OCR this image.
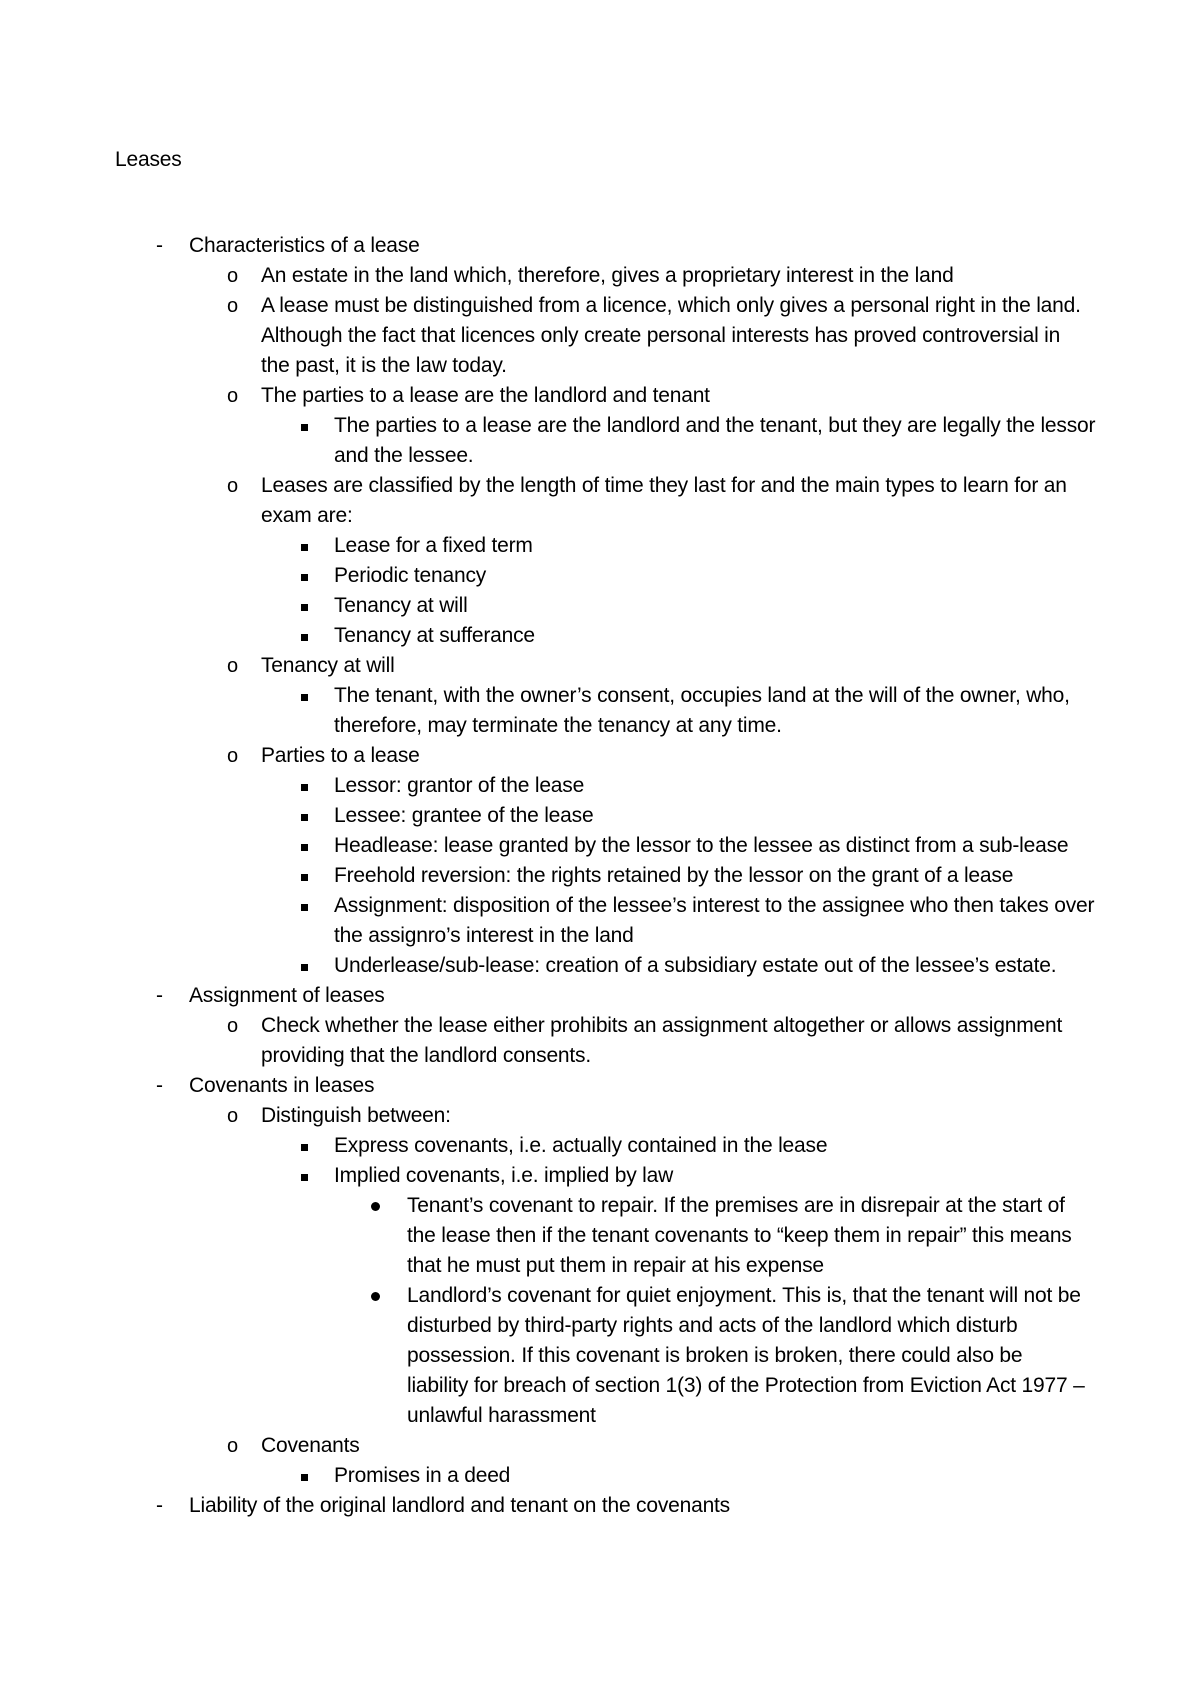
Leases
- Characteristics of a lease
o An estate in the land which, therefore, gives a proprietary interest in the land
o A lease must be distinguished from a licence, which only gives a personal right in the land. Although the fact that licences only create personal interests has proved controversial in the past, it is the law today.
o The parties to a lease are the landlord and tenant
The parties to a lease are the landlord and the tenant, but they are legally the lessor and the lessee.
o Leases are classified by the length of time they last for and the main types to learn for an exam are:
Lease for a fixed term
Periodic tenancy
Tenancy at will
Tenancy at sufferance
o Tenancy at will
The tenant, with the owner’s consent, occupies land at the will of the owner, who, therefore, may terminate the tenancy at any time.
o Parties to a lease
Lessor: grantor of the lease
Lessee: grantee of the lease
Headlease: lease granted by the lessor to the lessee as distinct from a sub-lease
Freehold reversion: the rights retained by the lessor on the grant of a lease
Assignment: disposition of the lessee’s interest to the assignee who then takes over the assignro’s interest in the land
Underlease/sub-lease: creation of a subsidiary estate out of the lessee’s estate.
- Assignment of leases
o Check whether the lease either prohibits an assignment altogether or allows assignment providing that the landlord consents.
- Covenants in leases
o Distinguish between:
Express covenants, i.e. actually contained in the lease
Implied covenants, i.e. implied by law
Tenant’s covenant to repair. If the premises are in disrepair at the start of the lease then if the tenant covenants to “keep them in repair” this means that he must put them in repair at his expense
Landlord’s covenant for quiet enjoyment. This is, that the tenant will not be disturbed by third-party rights and acts of the landlord which disturb possession. If this covenant is broken is broken, there could also be liability for breach of section 1(3) of the Protection from Eviction Act 1977 – unlawful harassment
o Covenants
Promises in a deed
- Liability of the original landlord and tenant on the covenants
